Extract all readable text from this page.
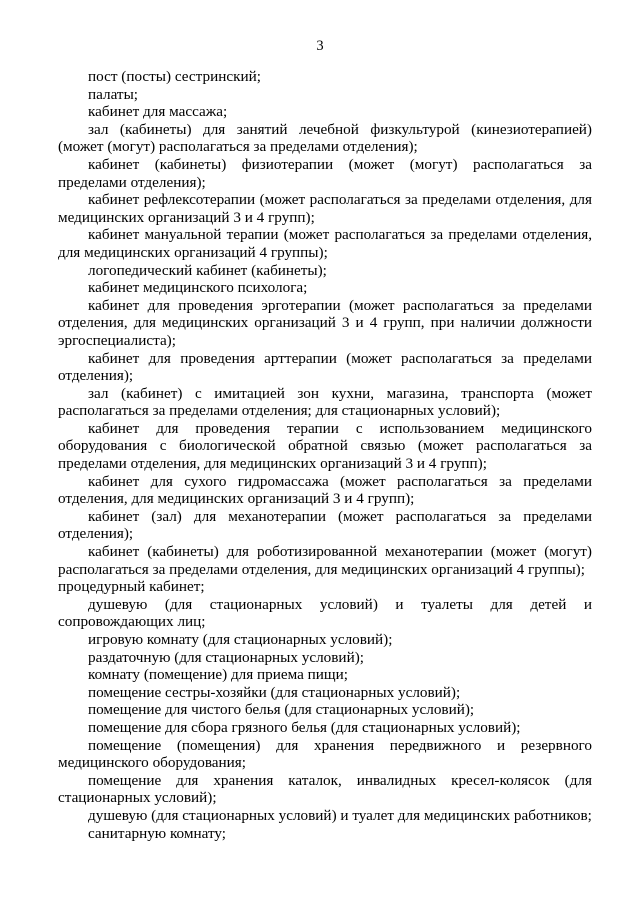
3

пост (посты) сестринский;

палаты;

кабинет для массажа;

зал (кабинеты) для занятий лечебной физкультурой (кинезиотерапией) (может (могут) располагаться за пределами отделения);

кабинет (кабинеты) физиотерапии (может (могут) располагаться за пределами отделения);

кабинет рефлексотерапии (может располагаться за пределами отделения, для медицинских организаций 3 и 4 групп);

кабинет мануальной терапии (может располагаться за пределами отделения, для медицинских организаций 4 группы);

логопедический кабинет (кабинеты);

кабинет медицинского психолога;

кабинет для проведения эрготерапии (может располагаться за пределами отделения, для медицинских организаций 3 и 4 групп, при наличии должности эргоспециалиста);

кабинет для проведения арттерапии (может располагаться за пределами отделения);

зал (кабинет) с имитацией зон кухни, магазина, транспорта (может располагаться за пределами отделения; для стационарных условий);

кабинет для проведения терапии с использованием медицинского оборудования с биологической обратной связью (может располагаться за пределами отделения, для медицинских организаций 3 и 4 групп);

кабинет для сухого гидромассажа (может располагаться за пределами отделения, для медицинских организаций 3 и 4 групп);

кабинет (зал) для механотерапии (может располагаться за пределами отделения);

кабинет (кабинеты) для роботизированной механотерапии (может (могут) располагаться за пределами отделения, для медицинских организаций 4 группы);

процедурный кабинет;

душевую (для стационарных условий) и туалеты для детей и сопровождающих лиц;

игровую комнату (для стационарных условий);

раздаточную (для стационарных условий);

комнату (помещение) для приема пищи;

помещение сестры-хозяйки (для стационарных условий);

помещение для чистого белья (для стационарных условий);

помещение для сбора грязного белья (для стационарных условий);

помещение (помещения) для хранения передвижного и резервного медицинского оборудования;

помещение для хранения каталок, инвалидных кресел-колясок (для стационарных условий);

душевую (для стационарных условий) и туалет для медицинских работников;

санитарную комнату;
